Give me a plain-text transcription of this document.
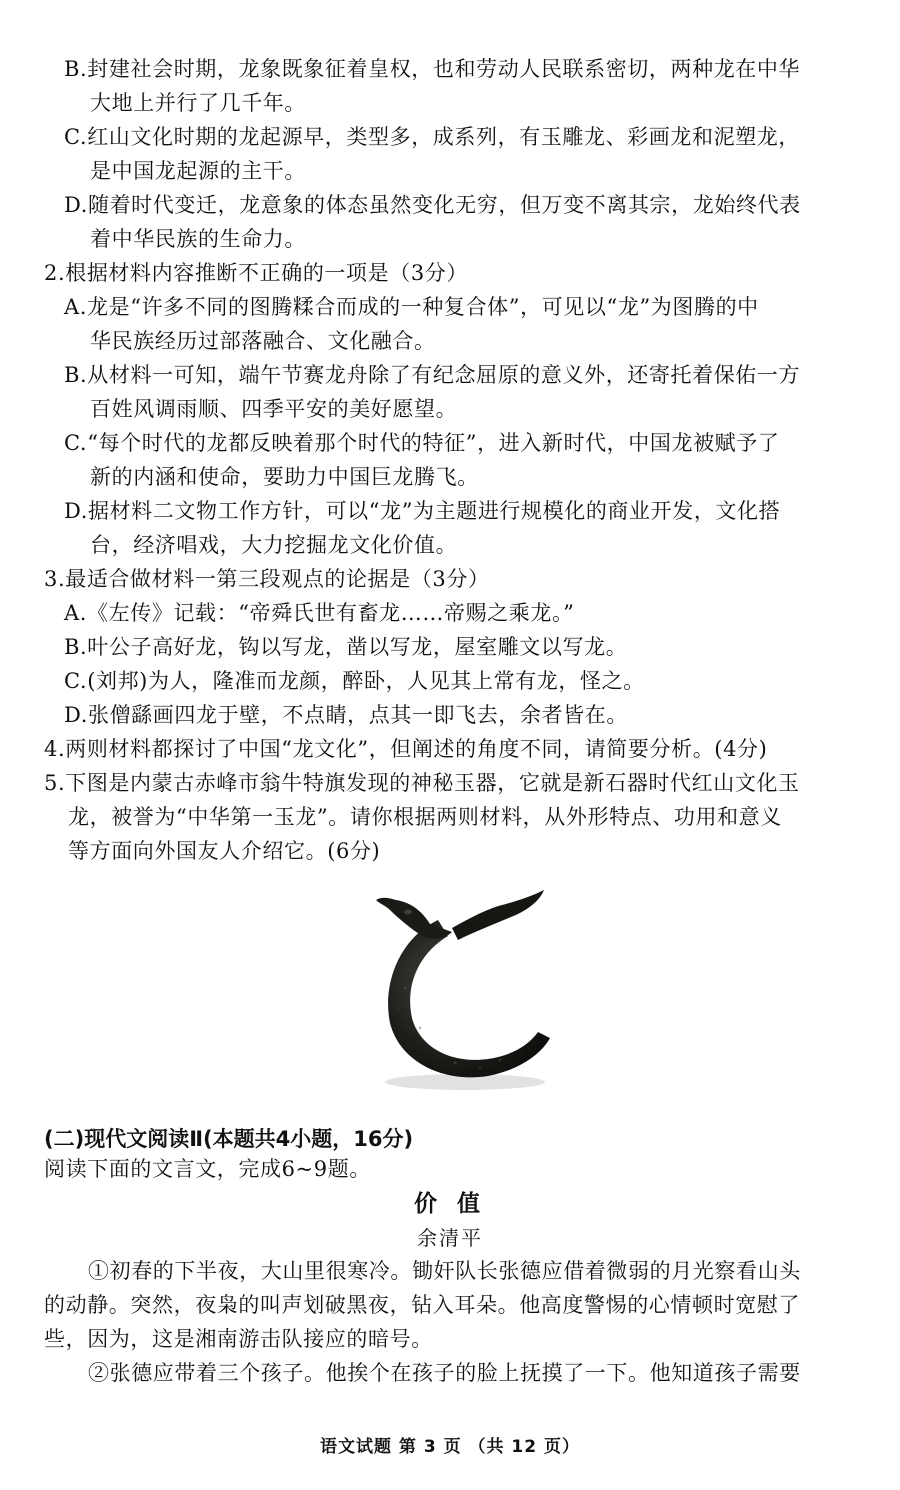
B.封建社会时期，龙象既象征着皇权，也和劳动人民联系密切，两种龙在中华
大地上并行了几千年。
C.红山文化时期的龙起源早，类型多，成系列，有玉雕龙、彩画龙和泥塑龙，
是中国龙起源的主干。
D.随着时代变迁，龙意象的体态虽然变化无穷，但万变不离其宗，龙始终代表
着中华民族的生命力。
2.根据材料内容推断不正确的一项是（3分）
A.龙是“许多不同的图腾糅合而成的一种复合体”，可见以“龙”为图腾的中
华民族经历过部落融合、文化融合。
B.从材料一可知，端午节赛龙舟除了有纪念屈原的意义外，还寄托着保佑一方
百姓风调雨顺、四季平安的美好愿望。
C.“每个时代的龙都反映着那个时代的特征”，进入新时代，中国龙被赋予了
新的内涵和使命，要助力中国巨龙腾飞。
D.据材料二文物工作方针，可以“龙”为主题进行规模化的商业开发，文化搭
台，经济唱戏，大力挖掘龙文化价值。
3.最适合做材料一第三段观点的论据是（3分）
A.《左传》记载：“帝舜氏世有畜龙……帝赐之乘龙。”
B.叶公子高好龙，钩以写龙，凿以写龙，屋室雕文以写龙。
C.(刘邦)为人，隆准而龙颜，醉卧，人见其上常有龙，怪之。
D.张僧繇画四龙于壁，不点睛，点其一即飞去，余者皆在。
4.两则材料都探讨了中国“龙文化”，但阐述的角度不同，请简要分析。(4分)
5.下图是内蒙古赤峰市翁牛特旗发现的神秘玉器，它就是新石器时代红山文化玉
龙，被誉为“中华第一玉龙”。请你根据两则材料，从外形特点、功用和意义
等方面向外国友人介绍它。(6分)
(二)现代文阅读Ⅱ(本题共4小题，16分)
阅读下面的文言文，完成6~9题。
价 值
余清平
①初春的下半夜，大山里很寒冷。锄奸队长张德应借着微弱的月光察看山头
的动静。突然，夜枭的叫声划破黑夜，钻入耳朵。他高度警惕的心情顿时宽慰了
些，因为，这是湘南游击队接应的暗号。
②张德应带着三个孩子。他挨个在孩子的脸上抚摸了一下。他知道孩子需要
语文试题 第 3 页 （共 12 页）
